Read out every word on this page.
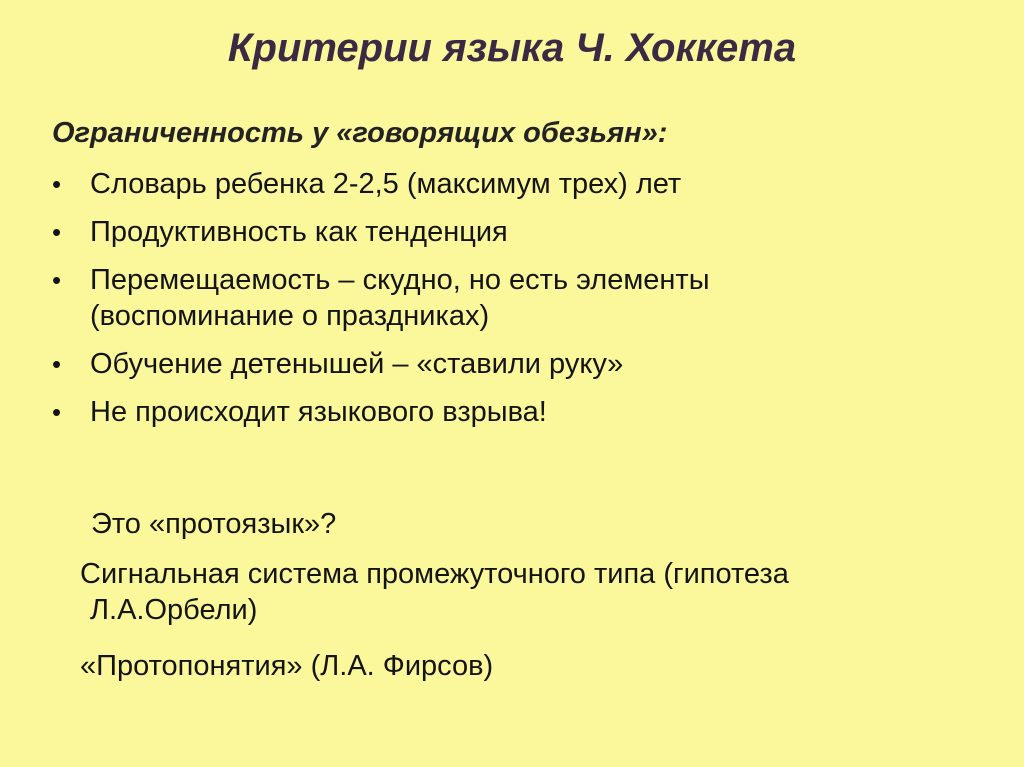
Критерии языка Ч. Хоккета

Ограниченность у «говорящих обезьян»:

• Словарь ребенка 2-2,5 (максимум трех) лет
• Продуктивность как тенденция
• Перемещаемость – скудно, но есть элементы
(воспоминание о праздниках)
• Обучение детенышей – «ставили руку»
• Не происходит языкового взрыва!

Это «протоязык»?

Сигнальная система промежуточного типа (гипотеза
Л.А.Орбели)

«Протопонятия» (Л.А. Фирсов)
